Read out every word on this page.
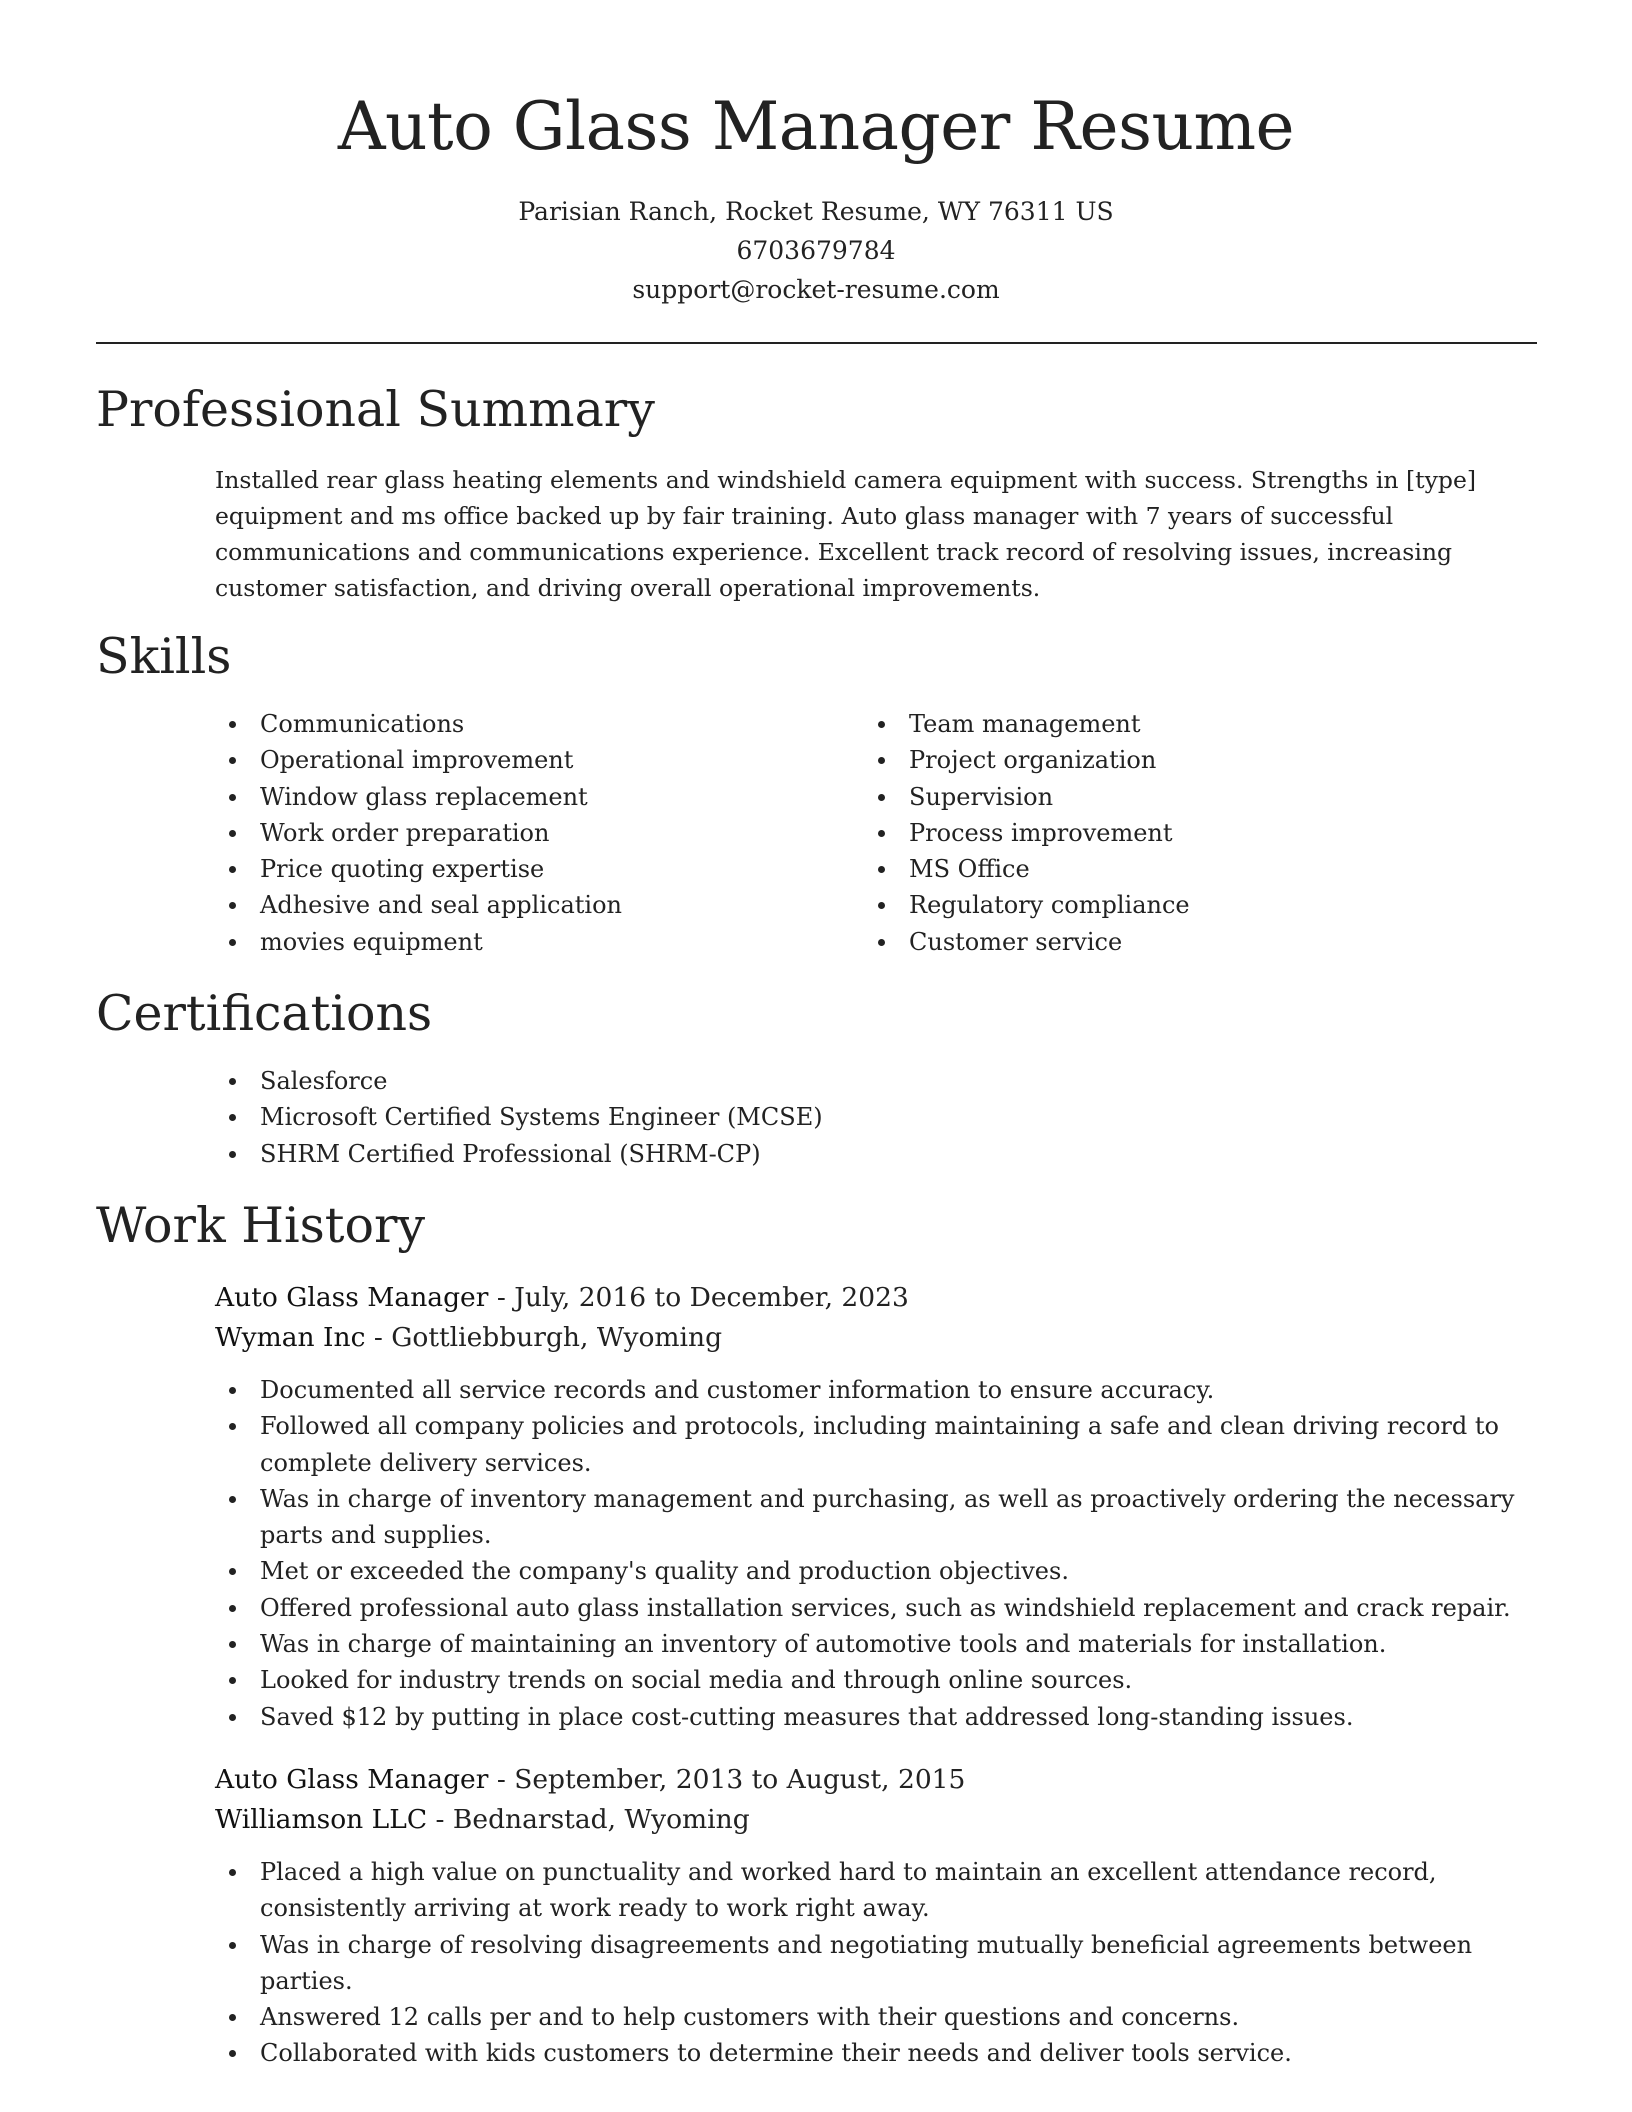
Auto Glass Manager Resume
Parisian Ranch, Rocket Resume, WY 76311 US
6703679784
support@rocket-resume.com
Professional Summary
Installed rear glass heating elements and windshield camera equipment with success. Strengths in [type] equipment and ms office backed up by fair training. Auto glass manager with 7 years of successful communications and communications experience. Excellent track record of resolving issues, increasing customer satisfaction, and driving overall operational improvements.
Skills
Communications
Operational improvement
Window glass replacement
Work order preparation
Price quoting expertise
Adhesive and seal application
movies equipment
Team management
Project organization
Supervision
Process improvement
MS Office
Regulatory compliance
Customer service
Certifications
Salesforce
Microsoft Certified Systems Engineer (MCSE)
SHRM Certified Professional (SHRM-CP)
Work History
Auto Glass Manager - July, 2016 to December, 2023
Wyman Inc - Gottliebburgh, Wyoming
Documented all service records and customer information to ensure accuracy.
Followed all company policies and protocols, including maintaining a safe and clean driving record to complete delivery services.
Was in charge of inventory management and purchasing, as well as proactively ordering the necessary parts and supplies.
Met or exceeded the company's quality and production objectives.
Offered professional auto glass installation services, such as windshield replacement and crack repair.
Was in charge of maintaining an inventory of automotive tools and materials for installation.
Looked for industry trends on social media and through online sources.
Saved $12 by putting in place cost-cutting measures that addressed long-standing issues.
Auto Glass Manager - September, 2013 to August, 2015
Williamson LLC - Bednarstad, Wyoming
Placed a high value on punctuality and worked hard to maintain an excellent attendance record, consistently arriving at work ready to work right away.
Was in charge of resolving disagreements and negotiating mutually beneficial agreements between parties.
Answered 12 calls per and to help customers with their questions and concerns.
Collaborated with kids customers to determine their needs and deliver tools service.
